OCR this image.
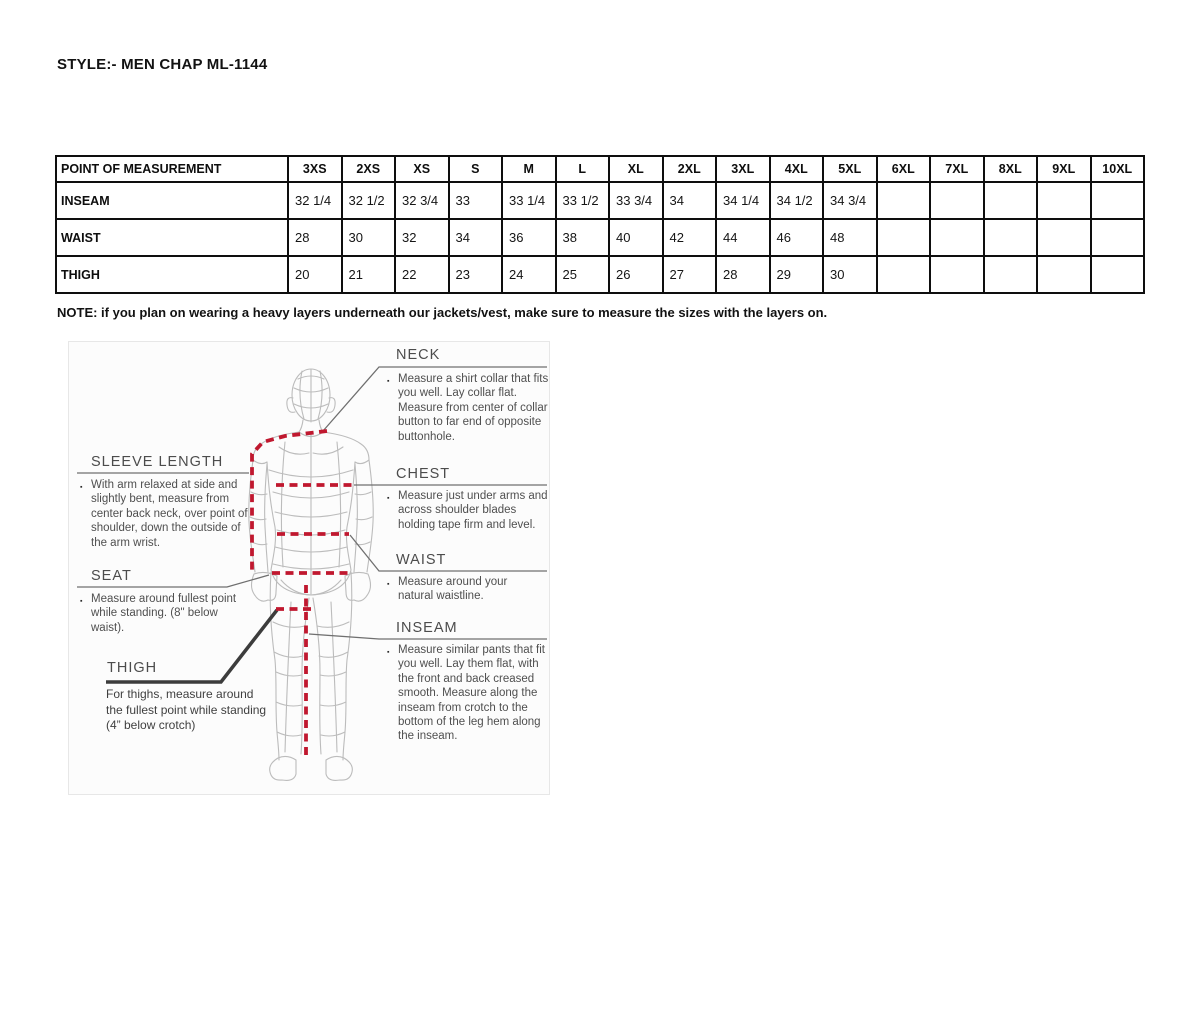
STYLE:- MEN CHAP ML-1144
POINT OF MEASUREMENT	3XS	2XS	XS	S	M	L	XL	2XL	3XL	4XL	5XL	6XL	7XL	8XL	9XL	10XL
INSEAM	32 1/4	32 1/2	32 3/4	33	33 1/4	33 1/2	33 3/4	34	34 1/4	34 1/2	34 3/4					
WAIST	28	30	32	34	36	38	40	42	44	46	48					
THIGH	20	21	22	23	24	25	26	27	28	29	30					
NOTE: if you plan on wearing a heavy layers underneath our jackets/vest, make sure to measure the sizes with the layers on.
NECK
▪ Measure a shirt collar that fits you well. Lay collar flat. Measure from center of collar button to far end of opposite buttonhole.

CHEST
▪ Measure just under arms and across shoulder blades holding tape firm and level.

WAIST
▪ Measure around your natural waistline.

INSEAM
▪ Measure similar pants that fit you well. Lay them flat, with the front and back creased smooth. Measure along the inseam from crotch to the bottom of the leg hem along the inseam.

SLEEVE LENGTH
▪ With arm relaxed at side and slightly bent, measure from center back neck, over point of shoulder, down the outside of the arm wrist.

SEAT
▪ Measure around fullest point while standing. (8" below waist).

THIGH

For thighs, measure around the fullest point while standing (4” below crotch)
